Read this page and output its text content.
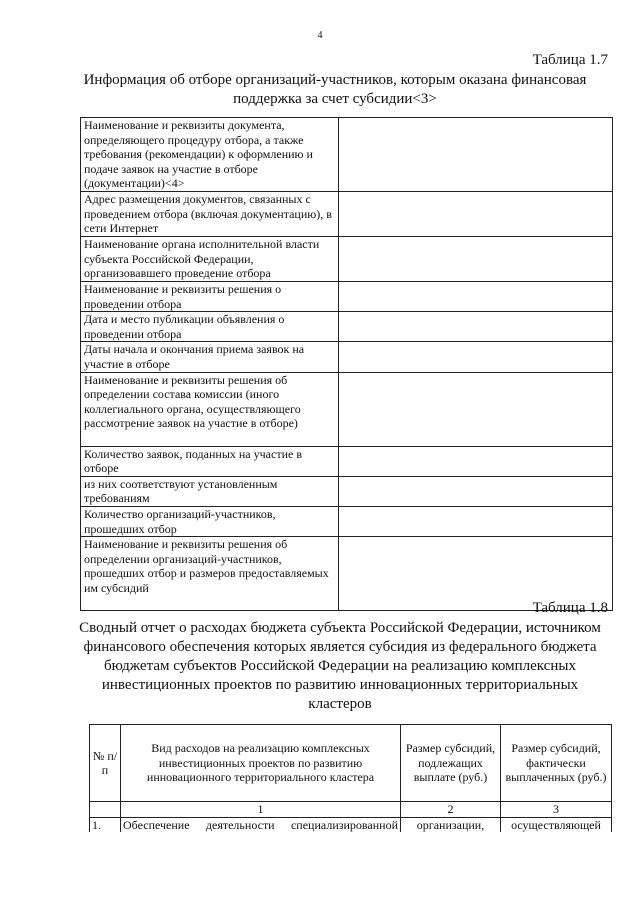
4
Таблица 1.7
Информация об отборе организаций-участников, которым оказана финансовая поддержка за счет субсидии<3>
Наименование и реквизиты документа, определяющего процедуру отбора, а также требования (рекомендации) к оформлению и подаче заявок на участие в отборе (документации)<4>	
Адрес размещения документов, связанных с проведением отбора (включая документацию), в сети Интернет	
Наименование органа исполнительной власти субъекта Российской Федерации, организовавшего проведение отбора	
Наименование и реквизиты решения о проведении отбора	
Дата и место публикации объявления о проведении отбора	
Даты начала и окончания приема заявок на участие в отборе	
Наименование и реквизиты решения об определении состава комиссии (иного коллегиального органа, осуществляющего рассмотрение заявок на участие в отборе)	
Количество заявок, поданных на участие в отборе	
из них соответствуют установленным требованиям	
Количество организаций-участников, прошедших отбор	
Наименование и реквизиты решения об определении организаций-участников, прошедших отбор и размеров предоставляемых им субсидий	
Таблица 1.8
Сводный отчет о расходах бюджета субъекта Российской Федерации, источником финансового обеспечения которых является субсидия из федерального бюджета бюджетам субъектов Российской Федерации на реализацию комплексных инвестиционных проектов по развитию инновационных территориальных кластеров
№ п/п	Вид расходов на реализацию комплексных инвестиционных проектов по развитию инновационного территориального кластера	Размер субсидий, подлежащих выплате (руб.)	Размер субсидий, фактически выплаченных (руб.)
	1	2	3
1.	Обеспечение деятельности специализированной	организации,	осуществляющей
